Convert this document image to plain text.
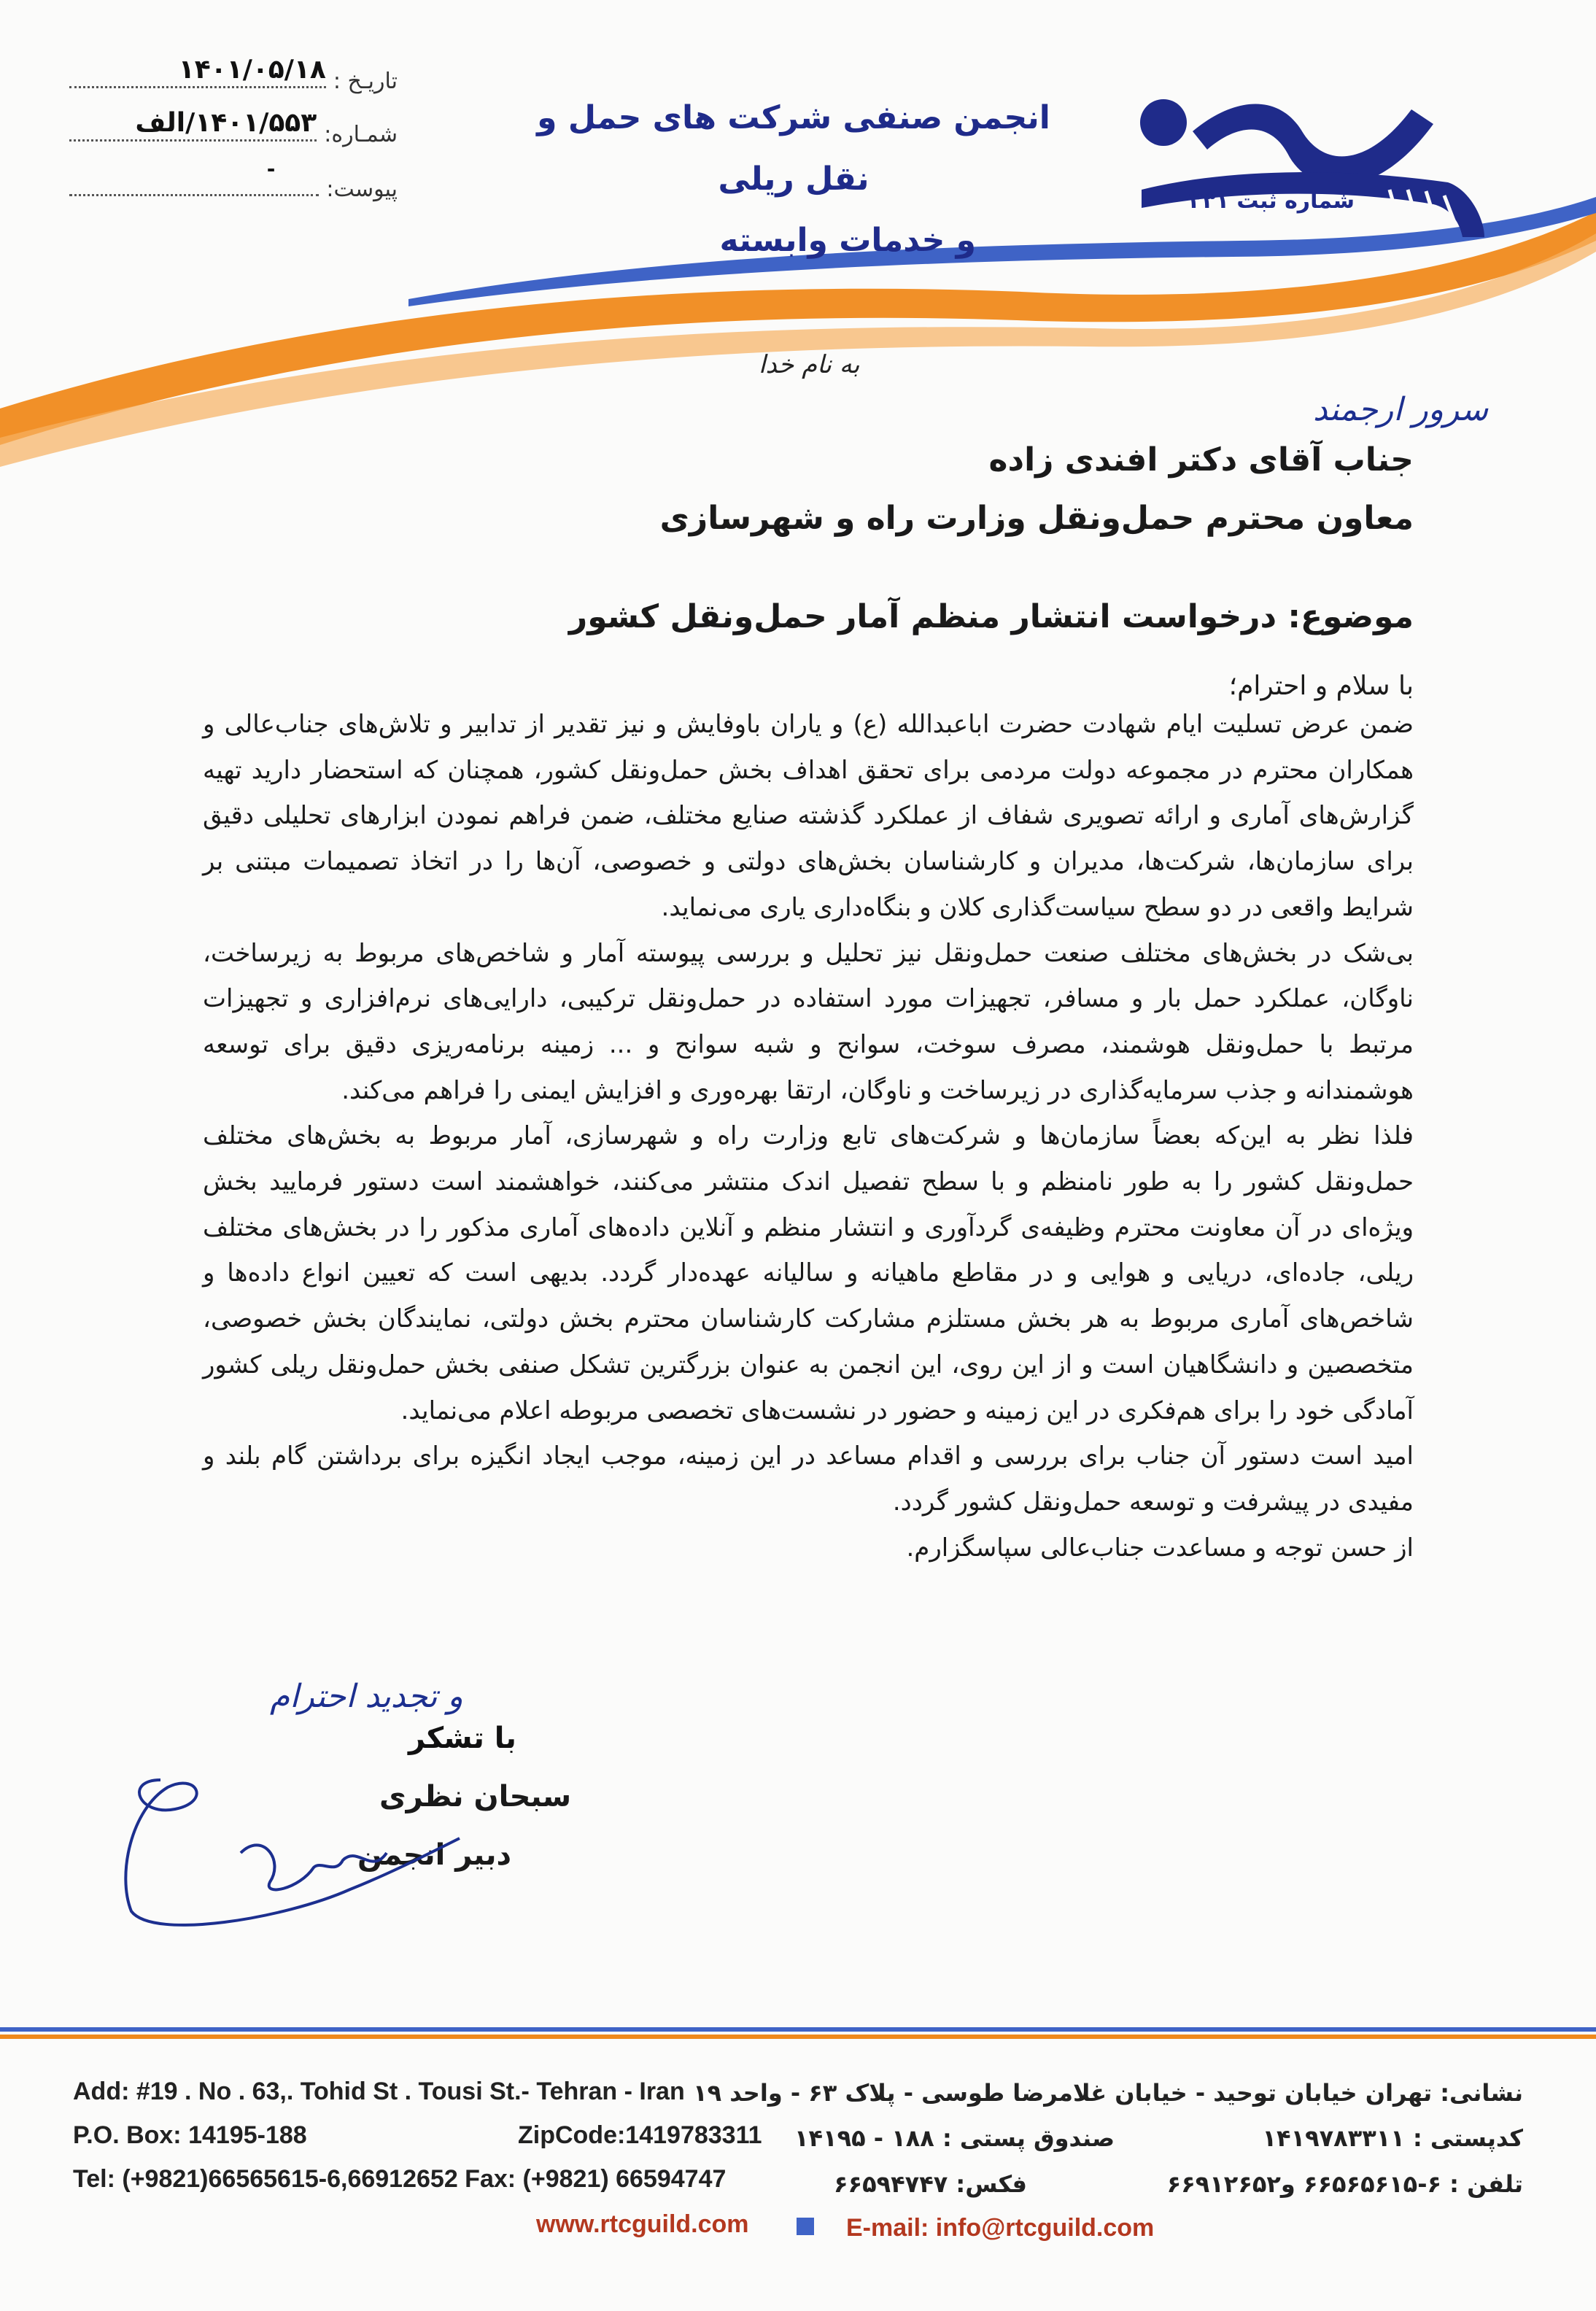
شماره ثبت ۲۳۱
انجمن صنفی شرکت های حمل و نقل ریلی
و خدمات وابسته
۱۴۰۱/۰۵/۱۸ تاریـخ :
۱۴۰۱/۵۵۳/الف شمـاره:
-
پیوست:
به نام خدا
سرور ارجمند
جناب آقای دکتر افندی زاده
معاون محترم حمل‌ونقل وزارت راه و شهرسازی
موضوع: درخواست انتشار منظم آمار حمل‌ونقل کشور
با سلام و احترام؛

ضمن عرض تسلیت ایام شهادت حضرت اباعبدالله (ع) و یاران باوفایش و نیز تقدیر از تدابیر و تلاش‌های جناب‌عالی و همکاران محترم در مجموعه دولت مردمی برای تحقق اهداف بخش حمل‌ونقل کشور، همچنان که استحضار دارید تهیه گزارش‌های آماری و ارائه تصویری شفاف از عملکرد گذشته صنایع مختلف، ضمن فراهم نمودن ابزارهای تحلیلی دقیق برای سازمان‌ها، شرکت‌ها، مدیران و کارشناسان بخش‌های دولتی و خصوصی، آن‌ها را در اتخاذ تصمیمات مبتنی بر شرایط واقعی در دو سطح سیاست‌گذاری کلان و بنگاه‌داری یاری می‌نماید.

بی‌شک در بخش‌های مختلف صنعت حمل‌ونقل نیز تحلیل و بررسی پیوسته آمار و شاخص‌های مربوط به زیرساخت، ناوگان، عملکرد حمل بار و مسافر، تجهیزات مورد استفاده در حمل‌ونقل ترکیبی، دارایی‌های نرم‌افزاری و تجهیزات مرتبط با حمل‌ونقل هوشمند، مصرف سوخت، سوانح و شبه سوانح و ... زمینه برنامه‌ریزی دقیق برای توسعه هوشمندانه و جذب سرمایه‌گذاری در زیرساخت و ناوگان، ارتقا بهره‌وری و افزایش ایمنی را فراهم می‌کند.

فلذا نظر به این‌که بعضاً سازمان‌ها و شرکت‌های تابع وزارت راه و شهرسازی، آمار مربوط به بخش‌های مختلف حمل‌ونقل کشور را به طور نامنظم و با سطح تفصیل اندک منتشر می‌کنند، خواهشمند است دستور فرمایید بخش ویژه‌ای در آن معاونت محترم وظیفه‌ی گردآوری و انتشار منظم و آنلاین داده‌های آماری مذکور را در بخش‌های مختلف ریلی، جاده‌ای، دریایی و هوایی و در مقاطع ماهیانه و سالیانه عهده‌دار گردد. بدیهی است که تعیین انواع داده‌ها و شاخص‌های آماری مربوط به هر بخش مستلزم مشارکت کارشناسان محترم بخش دولتی، نمایندگان بخش خصوصی، متخصصین و دانشگاهیان است و از این روی، این انجمن به عنوان بزرگترین تشکل صنفی بخش حمل‌ونقل ریلی کشور آمادگی خود را برای هم‌فکری در این زمینه و حضور در نشست‌های تخصصی مربوطه اعلام می‌نماید.

امید است دستور آن جناب برای بررسی و اقدام مساعد در این زمینه، موجب ایجاد انگیزه برای برداشتن گام بلند و مفیدی در پیشرفت و توسعه حمل‌ونقل کشور گردد.

از حسن توجه و مساعدت جناب‌عالی سپاسگزارم.

با تشکر
و تجدید احترام
سبحان نظری
دبیر انجمن
Add: #19 . No . 63,. Tohid St . Tousi St.- Tehran - Iran
P.O. Box: 14195-188	ZipCode:1419783311
Tel: (+9821)66565615-6,66912652 Fax: (+9821) 66594747
نشانی: تهران خیابان توحید - خیابان غلامرضا طوسی - پلاک ۶۳ - واحد ۱۹
کدپستی : ۱۴۱۹۷۸۳۳۱۱
صندوق پستی : ۱۸۸ - ۱۴۱۹۵
تلفن : ۶-۶۶۵۶۵۶۱۵ و۶۶۹۱۲۶۵۲
فکس: ۶۶۵۹۴۷۴۷
www.rtcguild.com	E-mail: info@rtcguild.com
